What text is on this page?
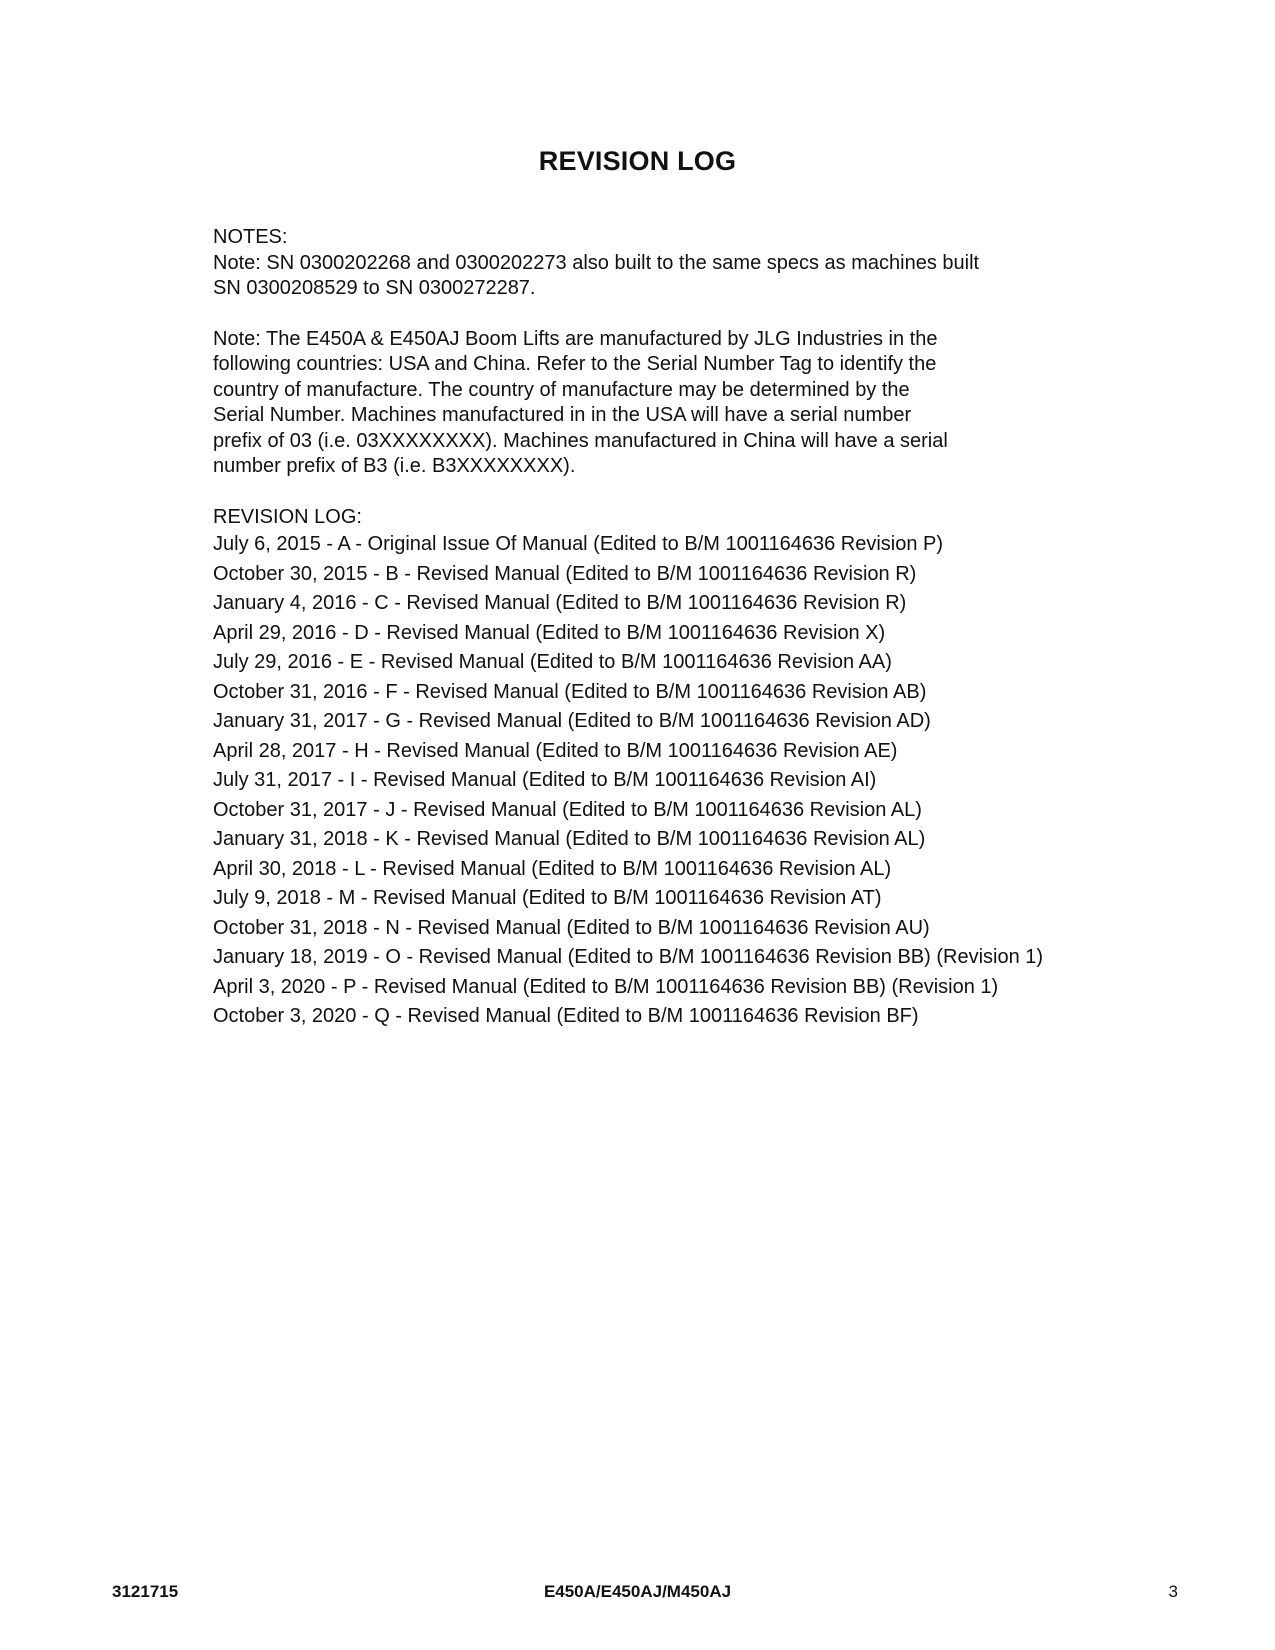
REVISION LOG
NOTES:
Note: SN 0300202268 and 0300202273 also built to the same specs as machines built
SN 0300208529 to SN 0300272287.
Note: The E450A & E450AJ Boom Lifts are manufactured by JLG Industries in the
following countries: USA and China. Refer to the Serial Number Tag to identify the
country of manufacture. The country of manufacture may be determined by the
Serial Number. Machines manufactured in in the USA will have a serial number
prefix of 03 (i.e. 03XXXXXXXX). Machines manufactured in China will have a serial
number prefix of B3 (i.e. B3XXXXXXXX).
REVISION LOG:
July 6, 2015 - A - Original Issue Of Manual (Edited to B/M 1001164636 Revision P)
October 30, 2015 - B - Revised Manual (Edited to B/M 1001164636 Revision R)
January 4, 2016 - C - Revised Manual (Edited to B/M 1001164636 Revision R)
April 29, 2016 - D - Revised Manual (Edited to B/M 1001164636 Revision X)
July 29, 2016 - E - Revised Manual (Edited to B/M 1001164636 Revision AA)
October 31, 2016 - F - Revised Manual (Edited to B/M 1001164636 Revision AB)
January 31, 2017 - G - Revised Manual (Edited to B/M 1001164636 Revision AD)
April 28, 2017 - H - Revised Manual (Edited to B/M 1001164636 Revision AE)
July 31, 2017 - I - Revised Manual (Edited to B/M 1001164636 Revision AI)
October 31, 2017 - J - Revised Manual (Edited to B/M 1001164636 Revision AL)
January 31, 2018 - K - Revised Manual (Edited to B/M 1001164636 Revision AL)
April 30, 2018 - L - Revised Manual (Edited to B/M 1001164636 Revision AL)
July 9, 2018 - M - Revised Manual (Edited to B/M 1001164636 Revision AT)
October 31, 2018 - N - Revised Manual (Edited to B/M 1001164636 Revision AU)
January 18, 2019 - O - Revised Manual (Edited to B/M 1001164636 Revision BB) (Revision 1)
April 3, 2020 - P - Revised Manual (Edited to B/M 1001164636 Revision BB) (Revision 1)
October 3, 2020 - Q - Revised Manual (Edited to B/M 1001164636 Revision BF)
3121715	E450A/E450AJ/M450AJ	3
